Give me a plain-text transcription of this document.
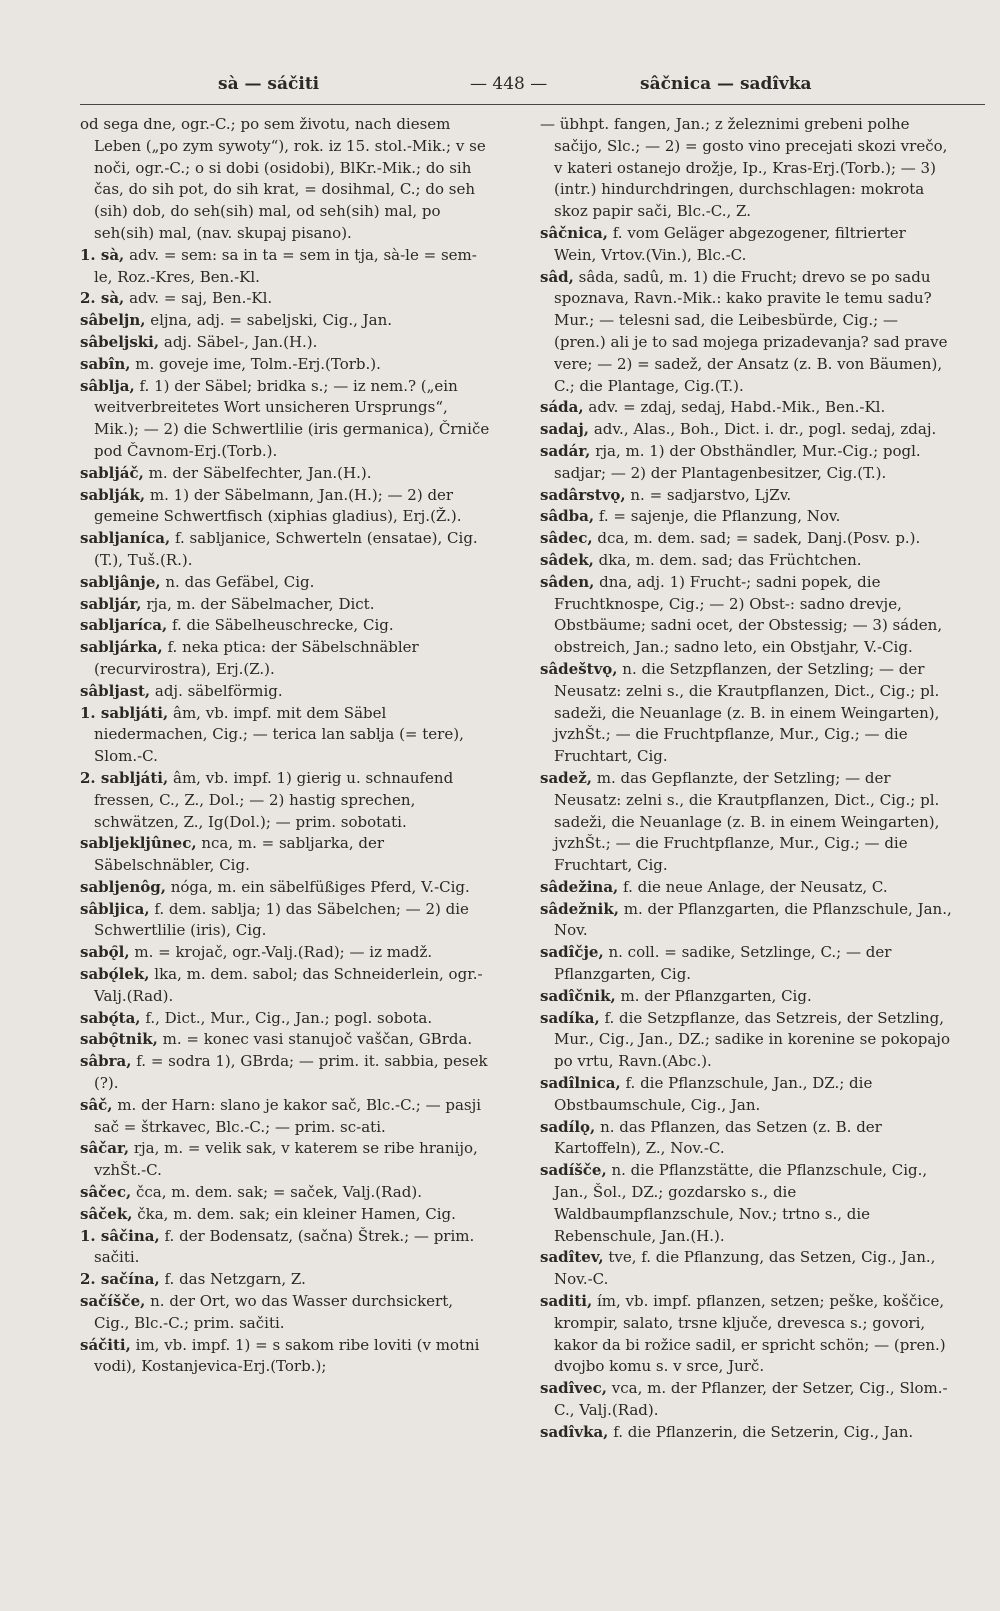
sà — sáčiti	— 448 —	sâčnica — sadîvka

od sega dne, ogr.-C.; po sem životu, nach diesem Leben („po zym sywoty“), rok. iz 15. stol.-Mik.; v se noči, ogr.-C.; o si dobi (osidobi), BlKr.-Mik.; do sih čas, do sih pot, do sih krat, = dosihmal, C.; do seh (sih) dob, do seh(sih) mal, od seh(sih) mal, po seh(sih) mal, (nav. skupaj pisano).

1. sà, adv. = sem: sa in ta = sem in tja, sà-le = sem-le, Roz.-Kres, Ben.-Kl.

2. sà, adv. = saj, Ben.-Kl.

sâbeljn, eljna, adj. = sabeljski, Cig., Jan.

sâbeljski, adj. Säbel-, Jan.(H.).

sabîn, m. goveje ime, Tolm.-Erj.(Torb.).

sâblja, f. 1) der Säbel; bridka s.; — iz nem.? („ein weitverbreitetes Wort unsicheren Ursprungs“, Mik.); — 2) die Schwertlilie (iris germanica), Črniče pod Čavnom-Erj.(Torb.).

sabljáč, m. der Säbelfechter, Jan.(H.).

sablják, m. 1) der Säbelmann, Jan.(H.); — 2) der gemeine Schwertfisch (xiphias gladius), Erj.(Ž.).

sabljaníca, f. sabljanice, Schwerteln (ensatae), Cig.(T.), Tuš.(R.).

sabljânje, n. das Gefäbel, Cig.

sabljár, rja, m. der Säbelmacher, Dict.

sabljaríca, f. die Säbelheuschrecke, Cig.

sabljárka, f. neka ptica: der Säbelschnäbler (recurvirostra), Erj.(Z.).

sâbljast, adj. säbelförmig.

1. sabljáti, âm, vb. impf. mit dem Säbel niedermachen, Cig.; — terica lan sablja (= tere), Slom.-C.

2. sabljáti, âm, vb. impf. 1) gierig u. schnaufend fressen, C., Z., Dol.; — 2) hastig sprechen, schwätzen, Z., Ig(Dol.); — prim. sobotati.

sabljekljûnec, nca, m. = sabljarka, der Säbelschnäbler, Cig.

sabljenôg, nóga, m. ein säbelfüßiges Pferd, V.-Cig.

sâbljica, f. dem. sablja; 1) das Säbelchen; — 2) die Schwertlilie (iris), Cig.

sabǫ̑l, m. = krojač, ogr.-Valj.(Rad); — iz madž.

sabǫ́lek, lka, m. dem. sabol; das Schneiderlein, ogr.-Valj.(Rad).

sabǫ́ta, f., Dict., Mur., Cig., Jan.; pogl. sobota.

sabǫ̑tnik, m. = konec vasi stanujoč vaščan, GBrda.

sâbra, f. = sodra 1), GBrda; — prim. it. sabbia, pesek (?).

sâč, m. der Harn: slano je kakor sač, Blc.-C.; — pasji sač = štrkavec, Blc.-C.; — prim. sc-ati.

sâčar, rja, m. = velik sak, v katerem se ribe hranijo, vzhŠt.-C.

sâčec, čca, m. dem. sak; = saček, Valj.(Rad).

sâček, čka, m. dem. sak; ein kleiner Hamen, Cig.

1. sâčina, f. der Bodensatz, (sačna) Štrek.; — prim. sačiti.

2. sačína, f. das Netzgarn, Z.

sačíšče, n. der Ort, wo das Wasser durchsickert, Cig., Blc.-C.; prim. sačiti.

sáčiti, im, vb. impf. 1) = s sakom ribe loviti (v motni vodi), Kostanjevica-Erj.(Torb.);

— übhpt. fangen, Jan.; z železnimi grebeni polhe sačijo, Slc.; — 2) = gosto vino precejati skozi vrečo, v kateri ostanejo drožje, Ip., Kras-Erj.(Torb.); — 3) (intr.) hindurchdringen, durchschlagen: mokrota skoz papir sači, Blc.-C., Z.

sâčnica, f. vom Geläger abgezogener, filtrierter Wein, Vrtov.(Vin.), Blc.-C.

sâd, sâda, sadû, m. 1) die Frucht; drevo se po sadu spoznava, Ravn.-Mik.: kako pravite le temu sadu? Mur.; — telesni sad, die Leibesbürde, Cig.; — (pren.) ali je to sad mojega prizadevanja? sad prave vere; — 2) = sadež, der Ansatz (z. B. von Bäumen), C.; die Plantage, Cig.(T.).

sáda, adv. = zdaj, sedaj, Habd.-Mik., Ben.-Kl.

sadaj, adv., Alas., Boh., Dict. i. dr., pogl. sedaj, zdaj.

sadár, rja, m. 1) der Obsthändler, Mur.-Cig.; pogl. sadjar; — 2) der Plantagenbesitzer, Cig.(T.).

sadârstvǫ, n. = sadjarstvo, LjZv.

sâdba, f. = sajenje, die Pflanzung, Nov.

sâdec, dca, m. dem. sad; = sadek, Danj.(Posv. p.).

sâdek, dka, m. dem. sad; das Früchtchen.

sâden, dna, adj. 1) Frucht-; sadni popek, die Fruchtknospe, Cig.; — 2) Obst-: sadno drevje, Obstbäume; sadni ocet, der Obstessig; — 3) sáden, obstreich, Jan.; sadno leto, ein Obstjahr, V.-Cig.

sâdeštvǫ, n. die Setzpflanzen, der Setzling; — der Neusatz: zelni s., die Krautpflanzen, Dict., Cig.; pl. sadeži, die Neuanlage (z. B. in einem Weingarten), jvzhŠt.; — die Fruchtpflanze, Mur., Cig.; — die Fruchtart, Cig.

sadež, m. das Gepflanzte, der Setzling; — der Neusatz: zelni s., die Krautpflanzen, Dict., Cig.; pl. sadeži, die Neuanlage (z. B. in einem Weingarten), jvzhŠt.; — die Fruchtpflanze, Mur., Cig.; — die Fruchtart, Cig.

sâdežina, f. die neue Anlage, der Neusatz, C.

sâdežnik, m. der Pflanzgarten, die Pflanzschule, Jan., Nov.

sadîčje, n. coll. = sadike, Setzlinge, C.; — der Pflanzgarten, Cig.

sadîčnik, m. der Pflanzgarten, Cig.

sadíka, f. die Setzpflanze, das Setzreis, der Setzling, Mur., Cig., Jan., DZ.; sadike in korenine se pokopajo po vrtu, Ravn.(Abc.).

sadîlnica, f. die Pflanzschule, Jan., DZ.; die Obstbaumschule, Cig., Jan.

sadílǫ, n. das Pflanzen, das Setzen (z. B. der Kartoffeln), Z., Nov.-C.

sadíšče, n. die Pflanzstätte, die Pflanzschule, Cig., Jan., Šol., DZ.; gozdarsko s., die Waldbaumpflanzschule, Nov.; trtno s., die Rebenschule, Jan.(H.).

sadîtev, tve, f. die Pflanzung, das Setzen, Cig., Jan., Nov.-C.

saditi, ím, vb. impf. pflanzen, setzen; peške, koščice, krompir, salato, trsne ključe, drevesca s.; govori, kakor da bi rožice sadil, er spricht schön; — (pren.) dvojbo komu s. v srce, Jurč.

sadîvec, vca, m. der Pflanzer, der Setzer, Cig., Slom.-C., Valj.(Rad).

sadîvka, f. die Pflanzerin, die Setzerin, Cig., Jan.
